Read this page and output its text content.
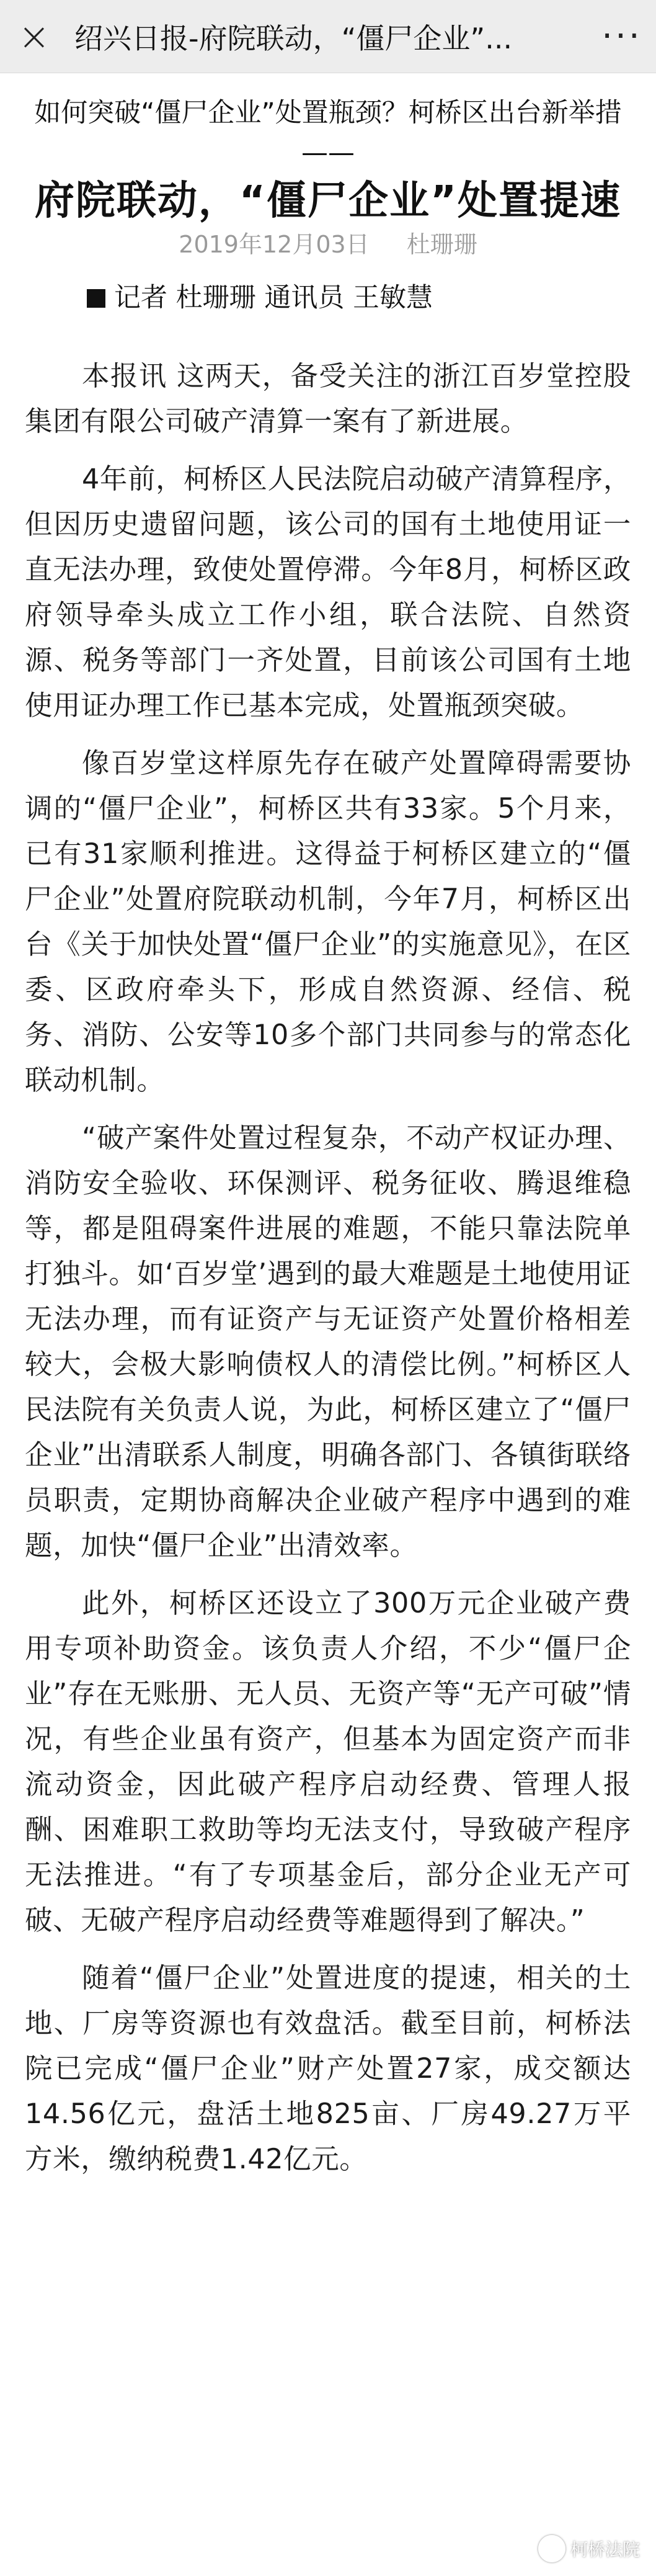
× 绍兴日报-府院联动，“僵尸企业”...	···
如何突破“僵尸企业”处置瓶颈？柯桥区出台新举措——
府院联动，“僵尸企业”处置提速
2019年12月03日 杜珊珊
记者 杜珊珊 通讯员 王敏慧

本报讯 这两天，备受关注的浙江百岁堂控股集团有限公司破产清算一案有了新进展。

4年前，柯桥区人民法院启动破产清算程序，但因历史遗留问题，该公司的国有土地使用证一直无法办理，致使处置停滞。今年8月，柯桥区政府领导牵头成立工作小组，联合法院、自然资源、税务等部门一齐处置，目前该公司国有土地使用证办理工作已基本完成，处置瓶颈突破。

像百岁堂这样原先存在破产处置障碍需要协调的“僵尸企业”，柯桥区共有33家。5个月来，已有31家顺利推进。这得益于柯桥区建立的“僵尸企业”处置府院联动机制，今年7月，柯桥区出台《关于加快处置“僵尸企业”的实施意见》，在区委、区政府牵头下，形成自然资源、经信、税务、消防、公安等10多个部门共同参与的常态化联动机制。

“破产案件处置过程复杂，不动产权证办理、消防安全验收、环保测评、税务征收、腾退维稳等，都是阻碍案件进展的难题，不能只靠法院单打独斗。如‘百岁堂’遇到的最大难题是土地使用证无法办理，而有证资产与无证资产处置价格相差较大，会极大影响债权人的清偿比例。”柯桥区人民法院有关负责人说，为此，柯桥区建立了“僵尸企业”出清联系人制度，明确各部门、各镇街联络员职责，定期协商解决企业破产程序中遇到的难题，加快“僵尸企业”出清效率。

此外，柯桥区还设立了300万元企业破产费用专项补助资金。该负责人介绍，不少“僵尸企业”存在无账册、无人员、无资产等“无产可破”情况，有些企业虽有资产，但基本为固定资产而非流动资金，因此破产程序启动经费、管理人报酬、困难职工救助等均无法支付，导致破产程序无法推进。“有了专项基金后，部分企业无产可破、无破产程序启动经费等难题得到了解决。”

随着“僵尸企业”处置进度的提速，相关的土地、厂房等资源也有效盘活。截至目前，柯桥法院已完成“僵尸企业”财产处置27家，成交额达14.56亿元，盘活土地825亩、厂房49.27万平方米，缴纳税费1.42亿元。

柯桥法院
